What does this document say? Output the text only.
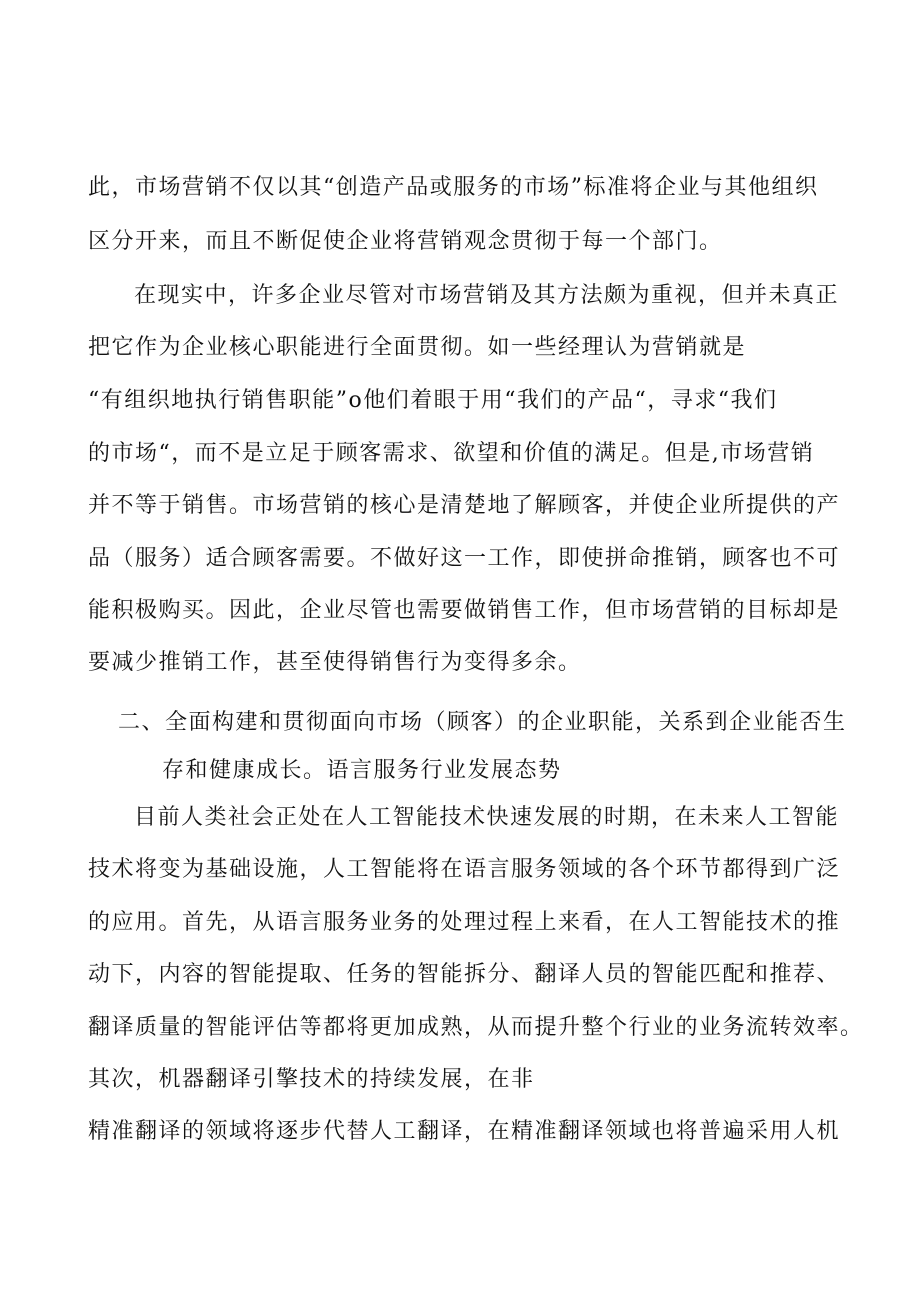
此，市场营销不仅以其“创造产品或服务的市场”标准将企业与其他组织
区分开来，而且不断促使企业将营销观念贯彻于每一个部门。
在现实中，许多企业尽管对市场营销及其方法颇为重视，但并未真正
把它作为企业核心职能进行全面贯彻。如一些经理认为营销就是
“有组织地执行销售职能”o他们着眼于用“我们的产品“，寻求“我们
的市场“，而不是立足于顾客需求、欲望和价值的满足。但是,市场营销
并不等于销售。市场营销的核心是清楚地了解顾客，并使企业所提供的产
品（服务）适合顾客需要。不做好这一工作，即使拼命推销，顾客也不可
能积极购买。因此，企业尽管也需要做销售工作，但市场营销的目标却是
要减少推销工作，甚至使得销售行为变得多余。
二、全面构建和贯彻面向市场（顾客）的企业职能，关系到企业能否生
存和健康成长。语言服务行业发展态势
目前人类社会正处在人工智能技术快速发展的时期，在未来人工智能
技术将变为基础设施，人工智能将在语言服务领域的各个环节都得到广泛
的应用。首先，从语言服务业务的处理过程上来看，在人工智能技术的推
动下，内容的智能提取、任务的智能拆分、翻译人员的智能匹配和推荐、
翻译质量的智能评估等都将更加成熟，从而提升整个行业的业务流转效率。
其次，机器翻译引擎技术的持续发展，在非
精准翻译的领域将逐步代替人工翻译，在精准翻译领域也将普遍采用人机
